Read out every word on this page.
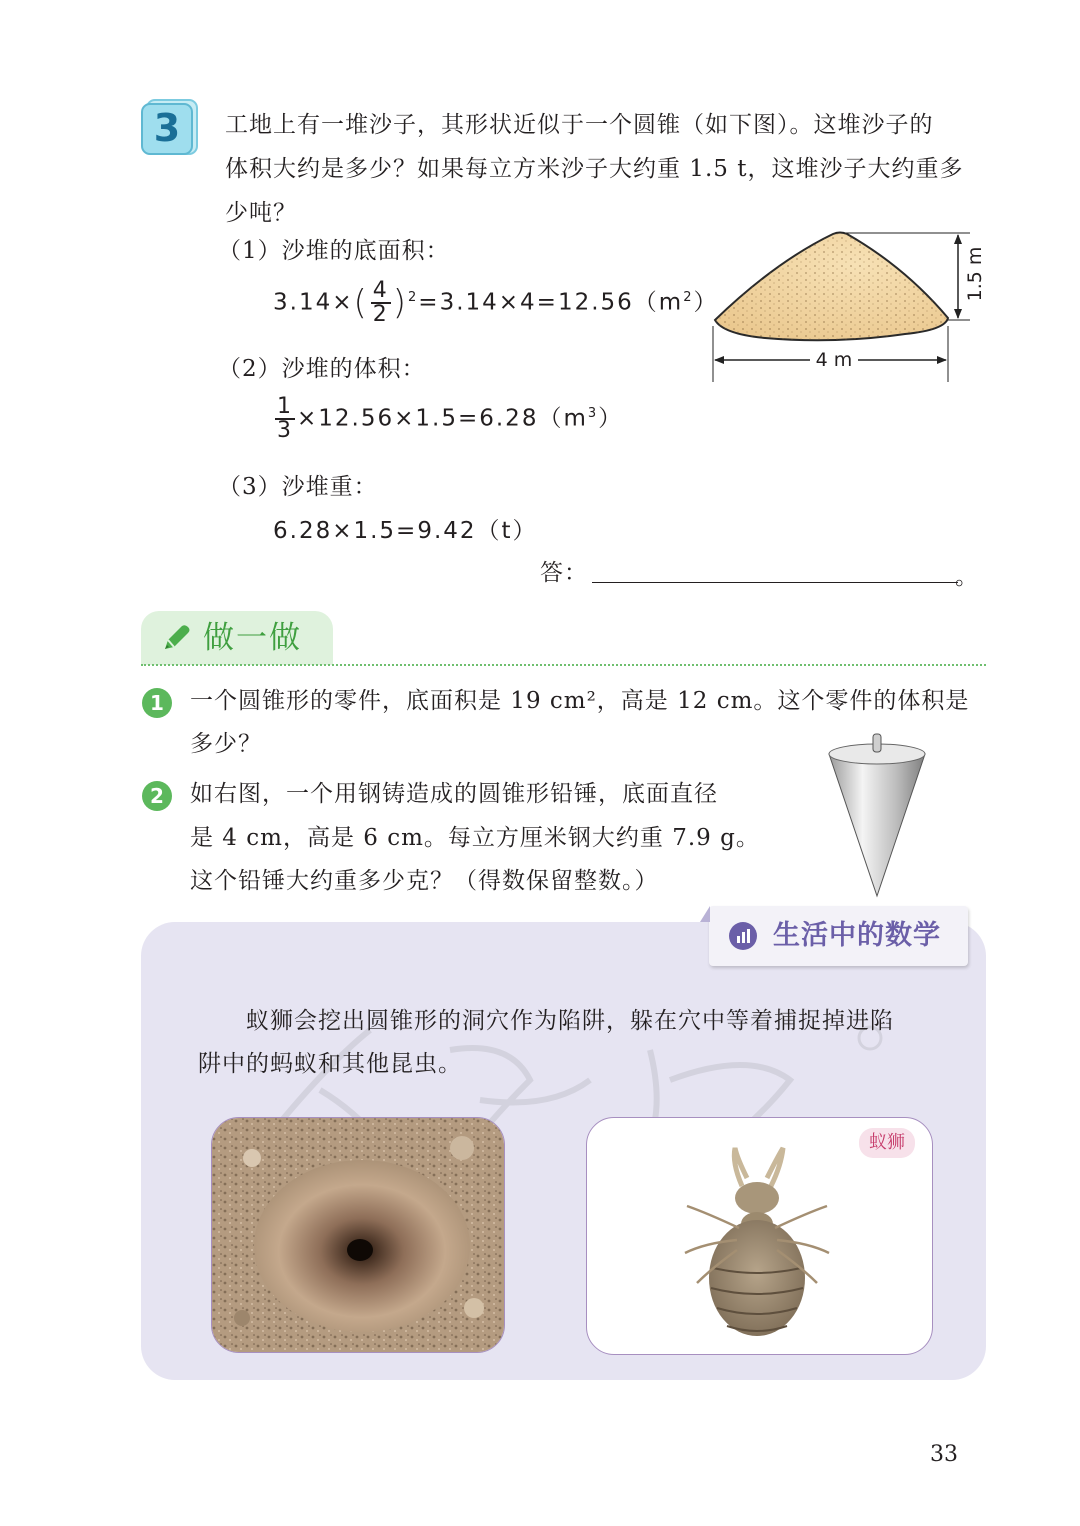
3	工地上有一堆沙子，其形状近似于一个圆锥（如下图）。这堆沙子的
体积大约是多少？如果每立方米沙子大约重 1.5 t，这堆沙子大约重多
少吨？
（1）沙堆的底面积：
$3.14\times( \frac{4}{2} )^2=3.14\times 4=12.56(m^2)$
（2）沙堆的体积：
$\frac{1}{3} \times 12.56\times 1.5=6.28(m^3)$
（3）沙堆重：
6.28×1.5=9.42（t）
答：	。
1.5 m
4 m
做一做
1	一个圆锥形的零件，底面积是 19 cm²，高是 12 cm。这个零件的体积是
多少？
2	如右图，一个用钢铸造成的圆锥形铅锤，底面直径
是 4 cm，高是 6 cm。每立方厘米钢大约重 7.9 g。
这个铅锤大约重多少克？（得数保留整数。）
生活中的数学
蚁狮会挖出圆锥形的洞穴作为陷阱，躲在穴中等着捕捉掉进陷
阱中的蚂蚁和其他昆虫。
蚁狮
33
